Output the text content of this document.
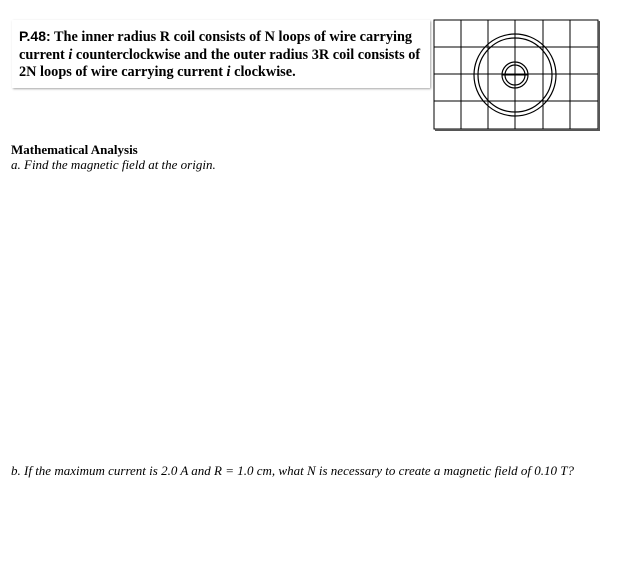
P.48: The inner radius R coil consists of N loops of wire carrying current i counterclockwise and the outer radius 3R coil consists of 2N loops of wire carrying current i clockwise.
Mathematical Analysis
a. Find the magnetic field at the origin.
b. If the maximum current is 2.0 A and R = 1.0 cm, what N is necessary to create a magnetic field of 0.10 T?
